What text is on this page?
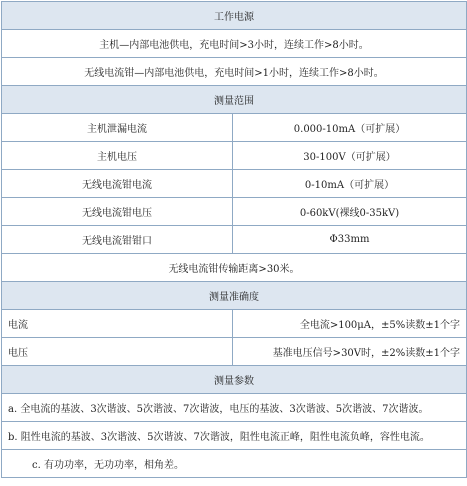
工作电源	
主机—内部电池供电，充电时间>3小时，连续工作>8小时。	
无线电流钳—内部电池供电，充电时间>1小时，连续工作>8小时。	
测量范围	
主机泄漏电流	0.000-10mA（可扩展）
主机电压	30-100V（可扩展）
无线电流钳电流	0-10mA（可扩展）
无线电流钳电压	0-60kV(裸线0-35kV)
无线电流钳钳口	Φ33mm
无线电流钳传输距离>30米。	
测量准确度	
电流	全电流>100μA，±5%读数±1个字
电压	基准电压信号>30V时，±2%读数±1个字
测量参数	
a. 全电流的基波、3次谐波、5次谐波、7次谐波，电压的基波、3次谐波、5次谐波、7次谐波。	
b. 阻性电流的基波、3次谐波、5次谐波、7次谐波，阻性电流正峰，阻性电流负峰，容性电流。	
c. 有功功率，无功功率，相角差。	
